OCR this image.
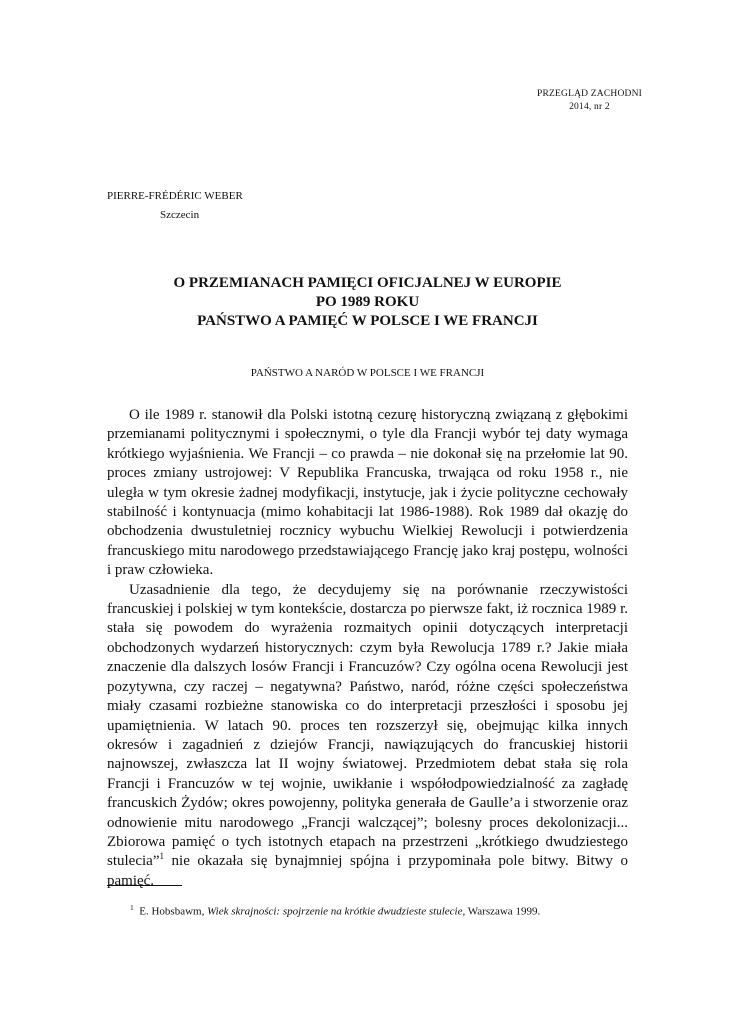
PRZEGLĄD ZACHODNI
2014, nr 2
PIERRE-FRÉDÉRIC WEBER
Szczecin
O PRZEMIANACH PAMIĘCI OFICJALNEJ W EUROPIE
PO 1989 ROKU
PAŃSTWO A PAMIĘĆ W POLSCE I WE FRANCJI
PAŃSTWO A NARÓD W POLSCE I WE FRANCJI

O ile 1989 r. stanowił dla Polski istotną cezurę historyczną związaną z głębokimi przemianami politycznymi i społecznymi, o tyle dla Francji wybór tej daty wymaga krótkiego wyjaśnienia. We Francji – co prawda – nie dokonał się na przełomie lat 90. proces zmiany ustrojowej: V Republika Francuska, trwająca od roku 1958 r., nie uległa w tym okresie żadnej modyfikacji, instytucje, jak i życie polityczne cechowały stabilność i kontynuacja (mimo kohabitacji lat 1986-1988). Rok 1989 dał okazję do obchodzenia dwustuletniej rocznicy wybuchu Wielkiej Rewolucji i potwierdzenia francuskiego mitu narodowego przedstawiającego Francję jako kraj postępu, wolności i praw człowieka.

Uzasadnienie dla tego, że decydujemy się na porównanie rzeczywistości francuskiej i polskiej w tym kontekście, dostarcza po pierwsze fakt, iż rocznica 1989 r. stała się powodem do wyrażenia rozmaitych opinii dotyczących interpretacji obchodzonych wydarzeń historycznych: czym była Rewolucja 1789 r.? Jakie miała znaczenie dla dalszych losów Francji i Francuzów? Czy ogólna ocena Rewolucji jest pozytywna, czy raczej – negatywna? Państwo, naród, różne części społeczeństwa miały czasami rozbieżne stanowiska co do interpretacji przeszłości i sposobu jej upamiętnienia. W latach 90. proces ten rozszerzył się, obejmując kilka innych okresów i zagadnień z dziejów Francji, nawiązujących do francuskiej historii najnowszej, zwłaszcza lat II wojny światowej. Przedmiotem debat stała się rola Francji i Francuzów w tej wojnie, uwikłanie i współodpowiedzialność za zagładę francuskich Żydów; okres powojenny, polityka generała de Gaulle’a i stworzenie oraz odnowienie mitu narodowego „Francji walczącej”; bolesny proces dekolonizacji... Zbiorowa pamięć o tych istotnych etapach na przestrzeni „krótkiego dwudziestego stulecia”$^1$ nie okazała się bynajmniej spójna i przypominała pole bitwy. Bitwy o pamięć.

$^1$ E. Hobsbawm, Wiek skrajności: spojrzenie na krótkie dwudzieste stulecie, Warszawa 1999.
